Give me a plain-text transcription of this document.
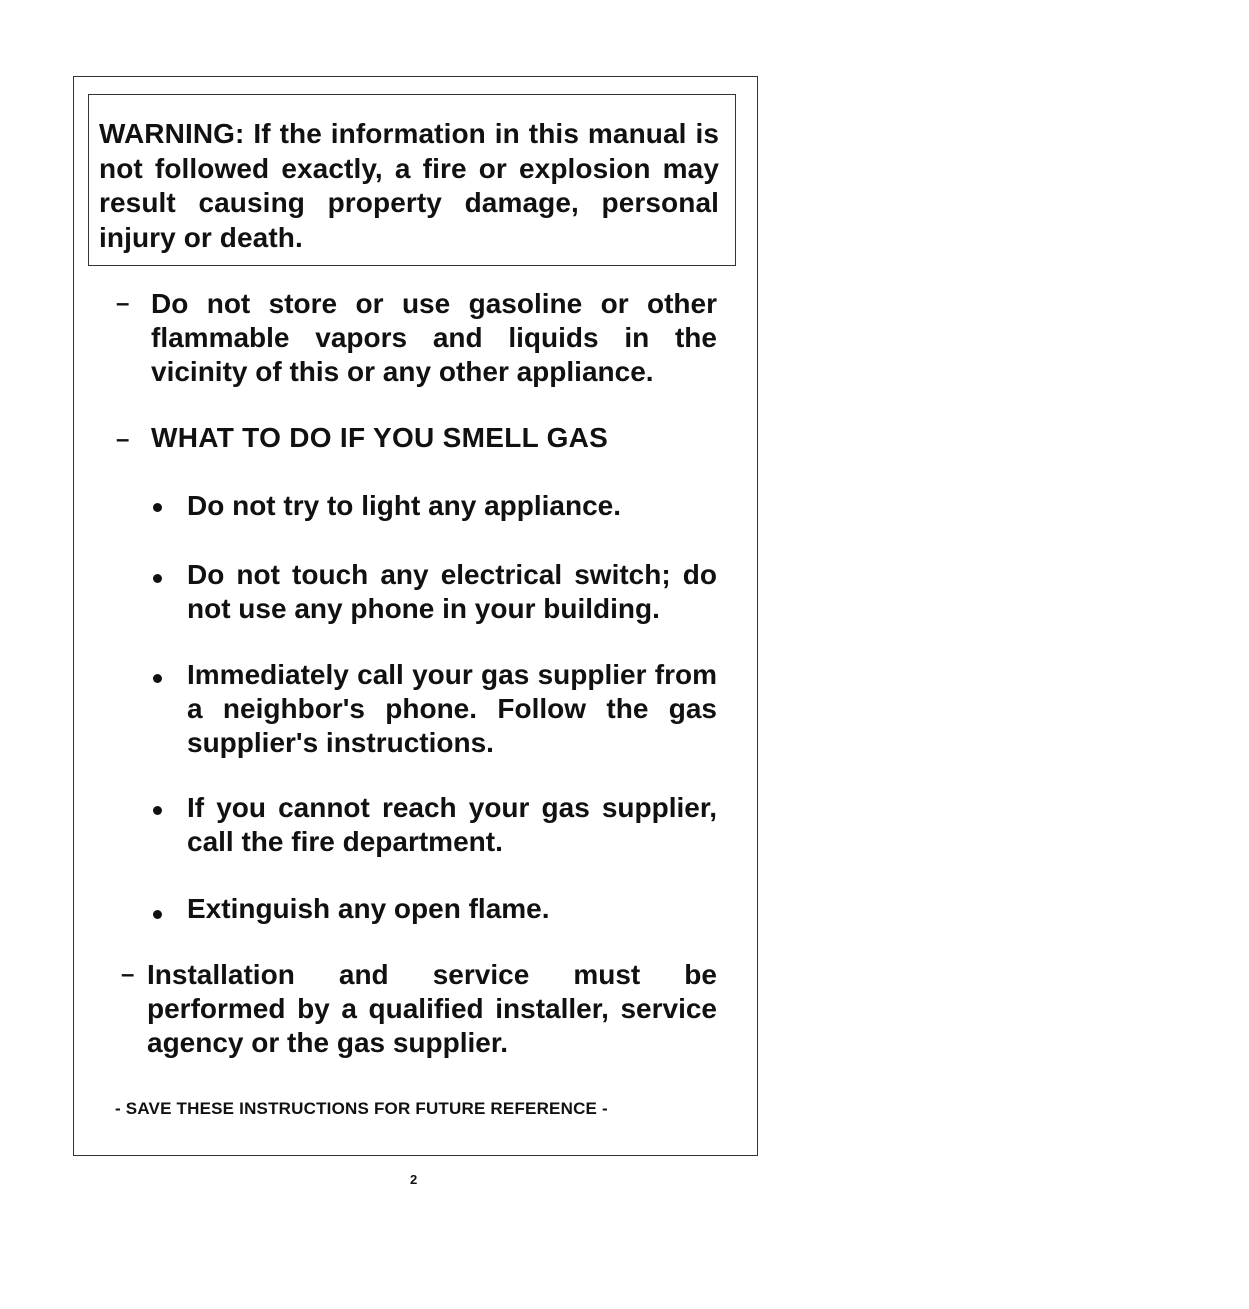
WARNING: If the information in this manual is not followed exactly, a fire or explosion may result causing property damage, personal injury or death.
– Do not store or use gasoline or other flammable vapors and liquids in the vicinity of this or any other appliance.
– WHAT TO DO IF YOU SMELL GAS
Do not try to light any appliance.
Do not touch any electrical switch; do not use any phone in your building.
Immediately call your gas supplier from a neighbor's phone. Follow the gas supplier's instructions.
If you cannot reach your gas supplier, call the fire department.
Extinguish any open flame.
– Installation and service must be performed by a qualified installer, service agency or the gas supplier.
- SAVE THESE INSTRUCTIONS FOR FUTURE REFERENCE -
2
